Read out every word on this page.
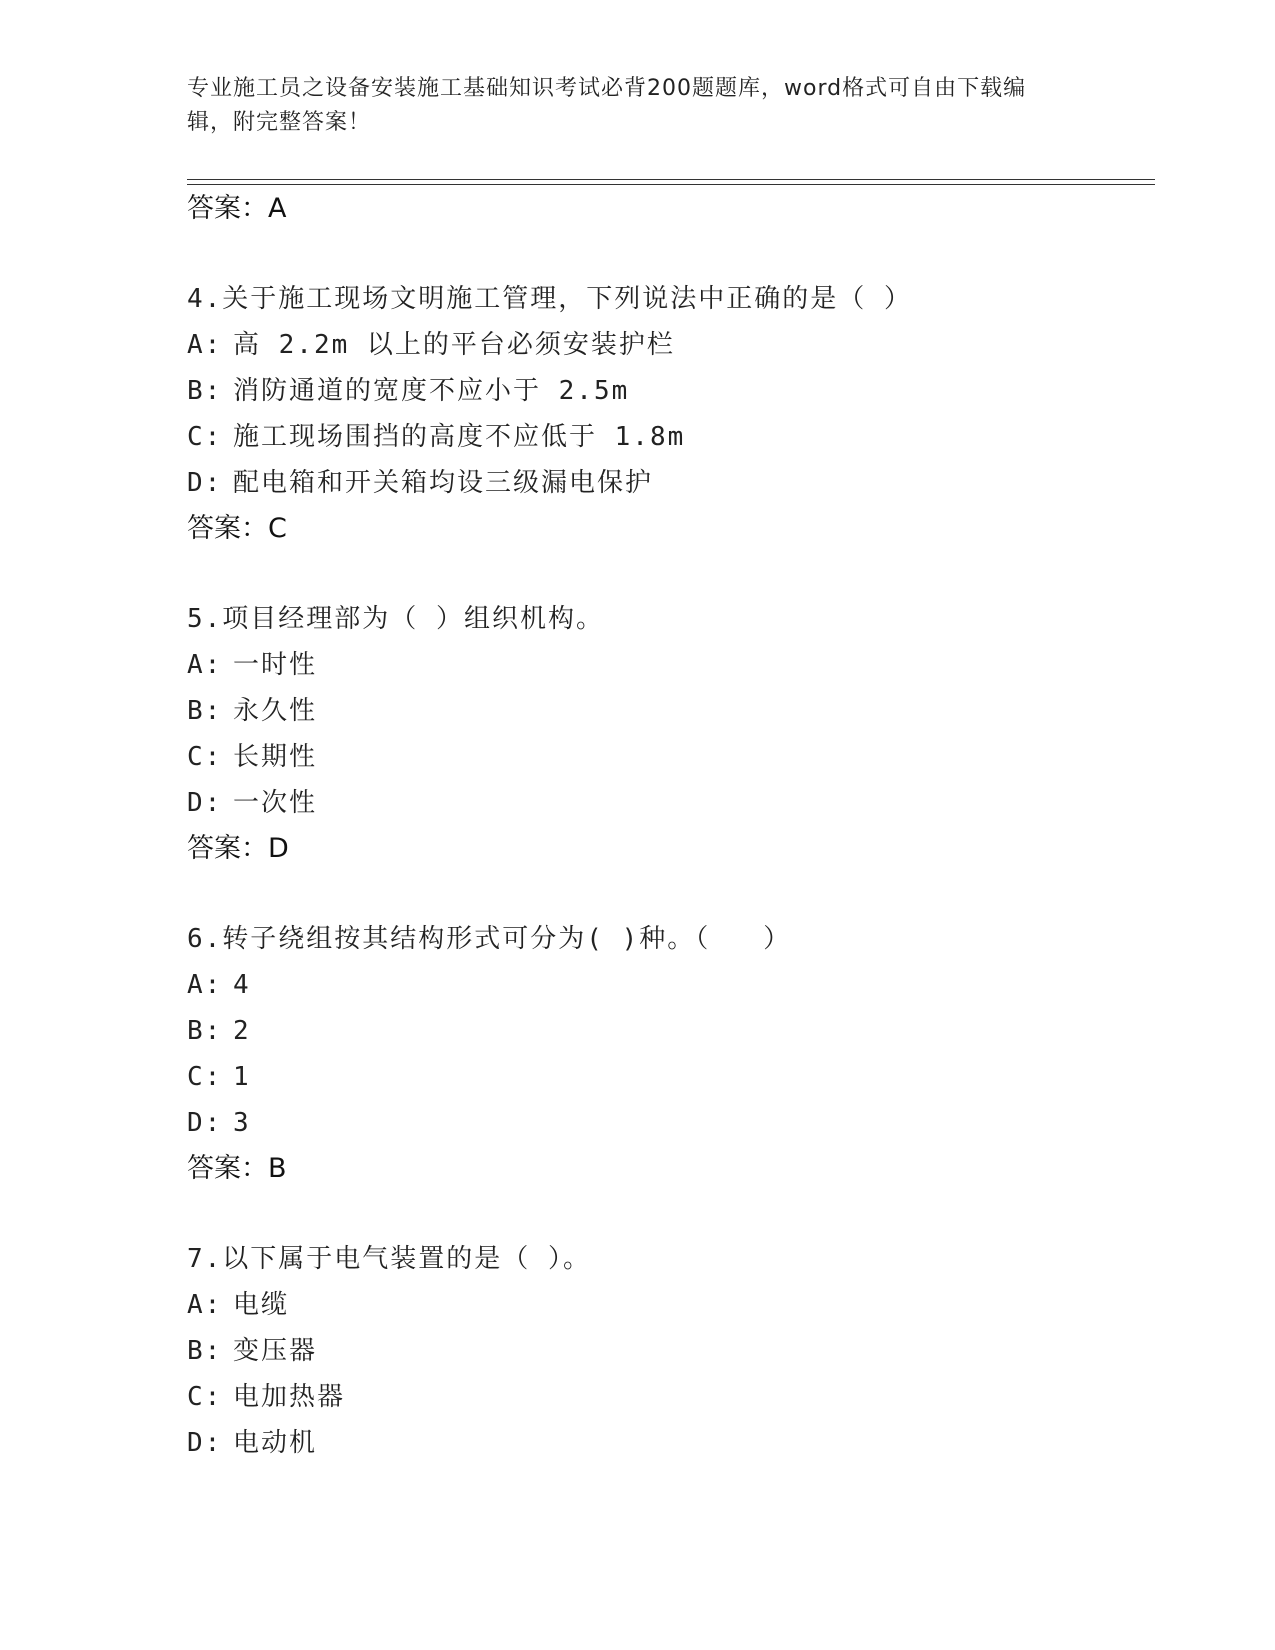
专业施工员之设备安装施工基础知识考试必背200题题库，word格式可自由下载编辑，附完整答案！
答案：A
4.关于施工现场文明施工管理，下列说法中正确的是（ ）
A: 高 2.2m 以上的平台必须安装护栏
B: 消防通道的宽度不应小于 2.5m
C: 施工现场围挡的高度不应低于 1.8m
D: 配电箱和开关箱均设三级漏电保护
答案：C
5.项目经理部为（ ）组织机构。
A: 一时性
B: 永久性
C: 长期性
D: 一次性
答案：D
6.转子绕组按其结构形式可分为( )种。（   ）
A: 4
B: 2
C: 1
D: 3
答案：B
7.以下属于电气装置的是（ ）。
A: 电缆
B: 变压器
C: 电加热器
D: 电动机
